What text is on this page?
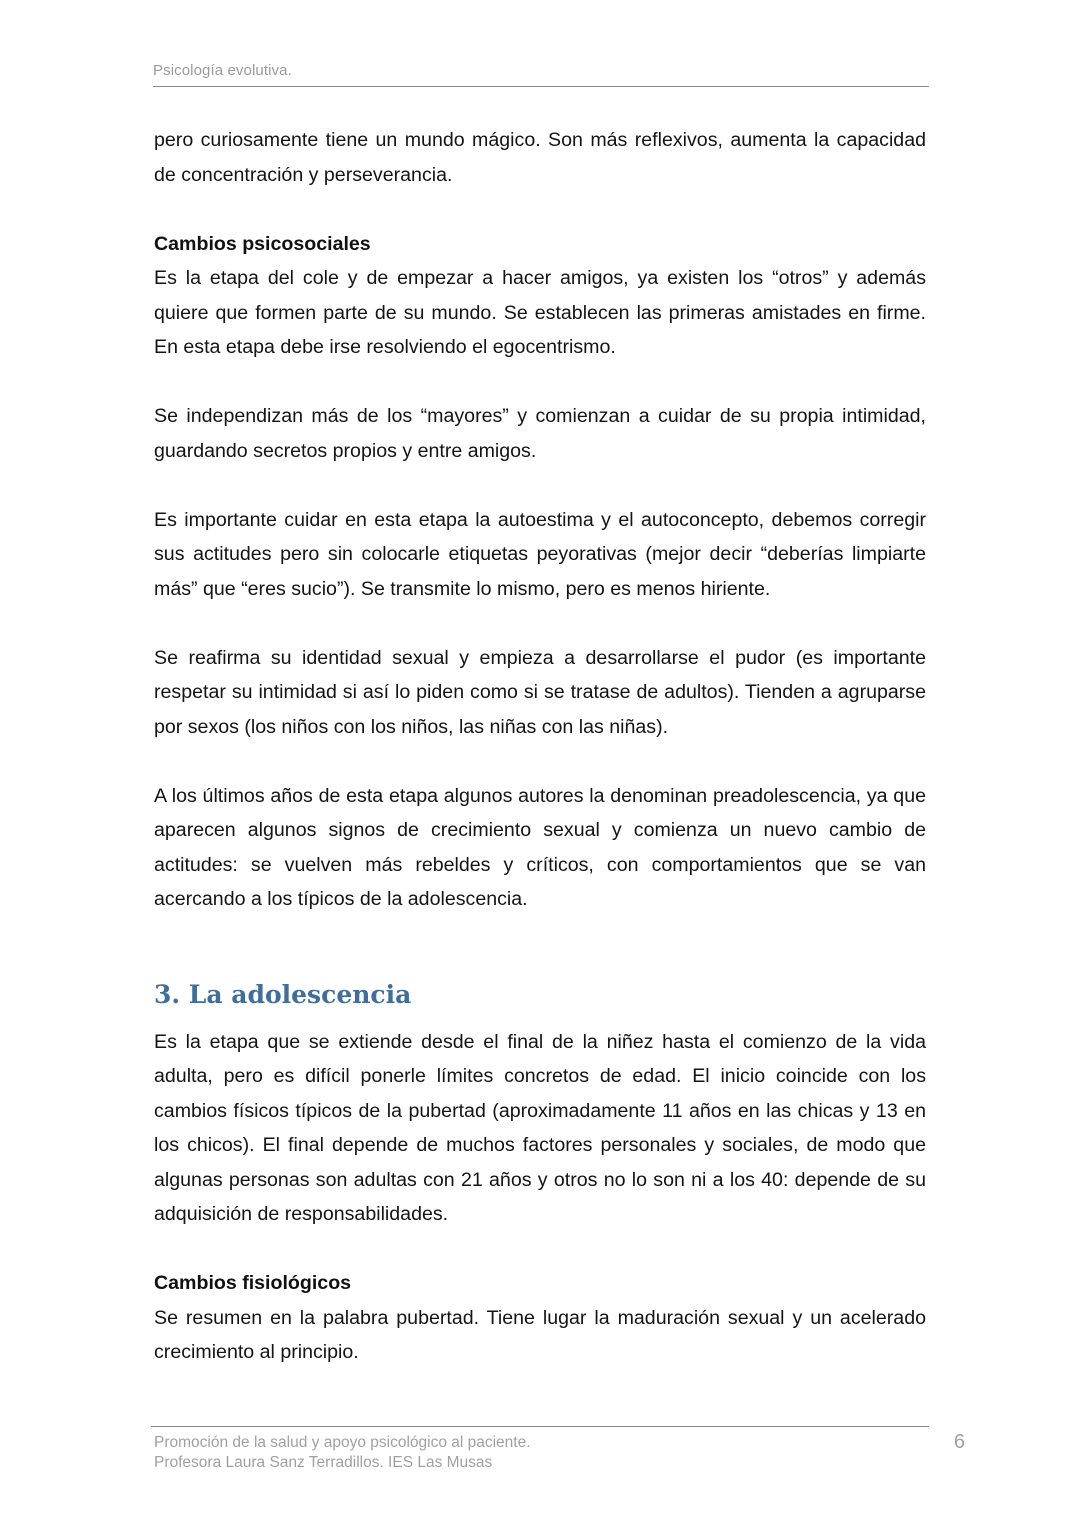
Psicología evolutiva.

pero curiosamente tiene un mundo mágico. Son más reflexivos, aumenta la capacidad de concentración y perseverancia.

Cambios psicosociales

Es la etapa del cole y de empezar a hacer amigos, ya existen los “otros” y además quiere que formen parte de su mundo. Se establecen las primeras amistades en firme. En esta etapa debe irse resolviendo el egocentrismo.

Se independizan más de los “mayores” y comienzan a cuidar de su propia intimidad, guardando secretos propios y entre amigos.

Es importante cuidar en esta etapa la autoestima y el autoconcepto, debemos corregir sus actitudes pero sin colocarle etiquetas peyorativas (mejor decir “deberías limpiarte más” que “eres sucio”). Se transmite lo mismo, pero es menos hiriente.

Se reafirma su identidad sexual y empieza a desarrollarse el pudor (es importante respetar su intimidad si así lo piden como si se tratase de adultos). Tienden a agruparse por sexos (los niños con los niños, las niñas con las niñas).

A los últimos años de esta etapa algunos autores la denominan preadolescencia, ya que aparecen algunos signos de crecimiento sexual y comienza un nuevo cambio de actitudes: se vuelven más rebeldes y críticos, con comportamientos que se van acercando a los típicos de la adolescencia.

3. La adolescencia

Es la etapa que se extiende desde el final de la niñez hasta el comienzo de la vida adulta, pero es difícil ponerle límites concretos de edad. El inicio coincide con los cambios físicos típicos de la pubertad (aproximadamente 11 años en las chicas y 13 en los chicos). El final depende de muchos factores personales y sociales, de modo que algunas personas son adultas con 21 años y otros no lo son ni a los 40: depende de su adquisición de responsabilidades.

Cambios fisiológicos

Se resumen en la palabra pubertad. Tiene lugar la maduración sexual y un acelerado crecimiento al principio.

Promoción de la salud y apoyo psicológico al paciente.
Profesora Laura Sanz Terradillos. IES Las Musas
6
